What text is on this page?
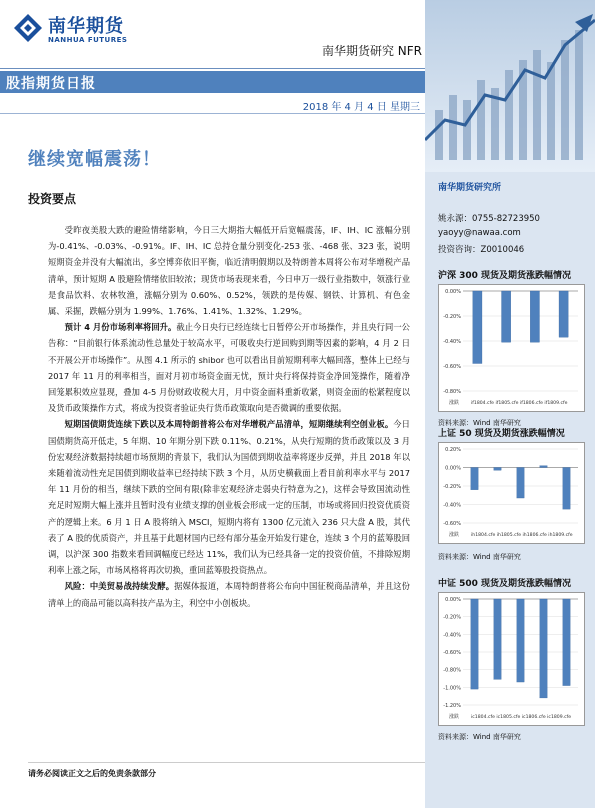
南华期货
NANHUA FUTURES
南华期货研究 NFR
股指期货日报
2018 年 4 月 4 日 星期三
继续宽幅震荡！
投资要点

受昨夜美股大跌的避险情绪影响，今日三大期指大幅低开后宽幅震荡，IF、IH、IC 涨幅分别为-0.41%、-0.03%、-0.91%。IF、IH、IC 总持仓量分别变化-253 张、-468 张、323 张，说明短期资金并没有大幅流出，多空博弈依旧平衡，临近清明假期以及特朗普本周将公布对华增税产品清单，预计短期 A 股避险情绪依旧较浓；现货市场表现来看，今日申万一级行业指数中，领涨行业是食品饮料、农林牧渔，涨幅分别为 0.60%、0.52%，领跌的是传媒、钢铁、计算机、有色金属、采掘，跌幅分别为 1.99%、1.76%、1.41%、1.32%、1.29%。

预计 4 月份市场利率将回升。截止今日央行已经连续七日暂停公开市场操作，并且央行同一公告称：“目前银行体系流动性总量处于较高水平，可吸收央行逆回购到期等因素的影响，4 月 2 日不开展公开市场操作”。从图 4.1 所示的 shibor 也可以看出目前短期利率大幅回落，整体上已经与 2017 年 11 月的利率相当，面对月初市场资金面无忧，预计央行将保持资金净回笼操作，随着净回笼累积效应显现，叠加 4-5 月份财政收税大月，月中资金面料重新收紧，则资金面的松紧程度以及货币政策操作方式，将成为投资者验证央行货币政策取向是否微调的重要依据。

短期国债期货连续下跌以及本周特朗普将公布对华增税产品清单，短期继续利空创业板。今日国债期货高开低走，5 年期、10 年期分别下跌 0.11%、0.21%，从央行短期的货币政策以及 3 月份宏观经济数据持续超市场预期的背景下，我们认为国债到期收益率将逐步反弹，并且 2018 年以来随着流动性充足国债到期收益率已经持续下跌 3 个月，从历史横截面上看目前利率水平与 2017 年 11 月份的相当，继续下跌的空间有限(除非宏观经济走弱央行特意为之)，这样会导致国流动性充足时短期大幅上涨并且暂时没有业绩支撑的创业板会形成一定的压制，市场或将回归投资优质资产的逻辑上来。6 月 1 日 A 股将纳入 MSCI，短期内将有 1300 亿元流入 236 只大盘 A 股，其代表了 A 股的优质资产，并且基于此题材国内已经有部分基金开始发行建仓，连续 3 个月的蓝筹股回调，以沪深 300 指数来看回调幅度已经达 11%，我们认为已经具备一定的投资价值，不排除短期利率上涨之际，市场风格将再次切换，重回蓝筹股投资热点。

风险：中美贸易战持续发酵。据媒体报道，本周特朗普将公布向中国征税商品清单，并且这份清单上的商品可能以高科技产品为主，利空中小创板块。

请务必阅读正文之后的免责条款部分
南华期货研究所
姚永源：0755-82723950
yaoyy@nawaa.com
投资咨询：Z0010046
沪深 300 现货及期货涨跌幅情况
0.00%
-0.20%
-0.40%
-0.60%
-0.80%
涨跌	if1804.cfe if1805.cfe if1806.cfe if1809.cfe
资料来源：Wind 南华研究
上证 50 现货及期货涨跌幅情况
0.20%
0.00%
-0.20%
-0.40%
-0.60%
涨跌	ih1804.cfe ih1805.cfe ih1806.cfe ih1809.cfe
资料来源：Wind 南华研究
中证 500 现货及期货涨跌幅情况
0.00%
-0.20%
-0.40%
-0.60%
-0.80%
-1.00%
-1.20%
涨跌	ic1804.cfe ic1805.cfe ic1806.cfe ic1809.cfe
资料来源：Wind 南华研究
